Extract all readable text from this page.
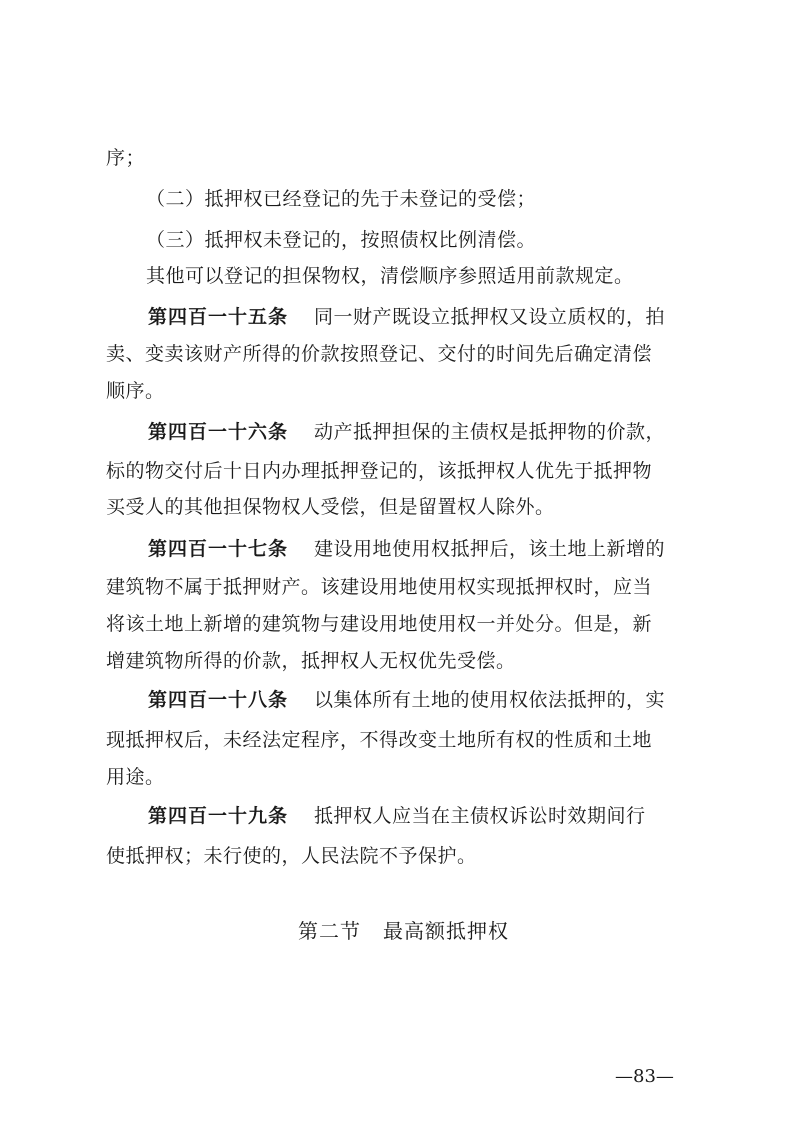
序；
（二）抵押权已经登记的先于未登记的受偿；
（三）抵押权未登记的，按照债权比例清偿。
其他可以登记的担保物权，清偿顺序参照适用前款规定。
第四百一十五条 同一财产既设立抵押权又设立质权的，拍
卖、变卖该财产所得的价款按照登记、交付的时间先后确定清偿
顺序。
第四百一十六条 动产抵押担保的主债权是抵押物的价款，
标的物交付后十日内办理抵押登记的，该抵押权人优先于抵押物
买受人的其他担保物权人受偿，但是留置权人除外。
第四百一十七条 建设用地使用权抵押后，该土地上新增的
建筑物不属于抵押财产。该建设用地使用权实现抵押权时，应当
将该土地上新增的建筑物与建设用地使用权一并处分。但是，新
增建筑物所得的价款，抵押权人无权优先受偿。
第四百一十八条 以集体所有土地的使用权依法抵押的，实
现抵押权后，未经法定程序，不得改变土地所有权的性质和土地
用途。
第四百一十九条 抵押权人应当在主债权诉讼时效期间行
使抵押权；未行使的，人民法院不予保护。
第二节 最高额抵押权
—83—
